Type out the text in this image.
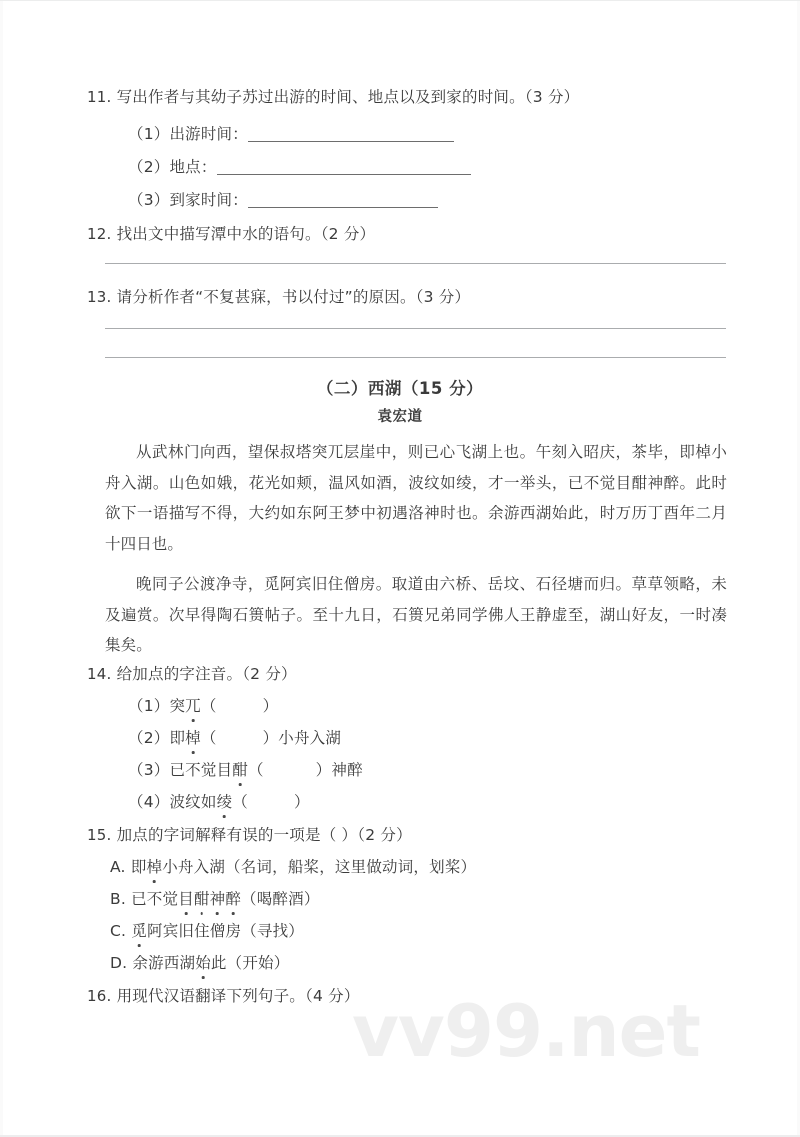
vv99.net
11. 写出作者与其幼子苏过出游的时间、地点以及到家的时间。（3 分）
（1）出游时间：
（2）地点：
（3）到家时间：
12. 找出文中描写潭中水的语句。（2 分）
13. 请分析作者“不复甚寐，书以付过”的原因。（3 分）
（二）西湖（15 分）
袁宏道
从武林门向西，望保叔塔突兀层崖中，则已心飞湖上也。午刻入昭庆，茶毕，即棹小舟入湖。山色如娥，花光如颊，温风如酒，波纹如绫，才一举头，已不觉目酣神醉。此时欲下一语描写不得，大约如东阿王梦中初遇洛神时也。余游西湖始此，时万历丁酉年二月十四日也。
晚同子公渡净寺，觅阿宾旧住僧房。取道由六桥、岳坟、石径塘而归。草草领略，未及遍赏。次早得陶石篑帖子。至十九日，石篑兄弟同学佛人王静虚至，湖山好友，一时凑集矣。
14. 给加点的字注音。（2 分）
（1）突兀（	）
（2）即棹（	）小舟入湖
（3）已不觉目酣（	）神醉
（4）波纹如绫（	）
15. 加点的字词解释有误的一项是（ ）（2 分）
A. 即棹小舟入湖（名词，船桨，这里做动词，划桨）
B. 已不觉目酣神醉（喝醉酒）
C. 觅阿宾旧住僧房（寻找）
D. 余游西湖始此（开始）
16. 用现代汉语翻译下列句子。（4 分）
